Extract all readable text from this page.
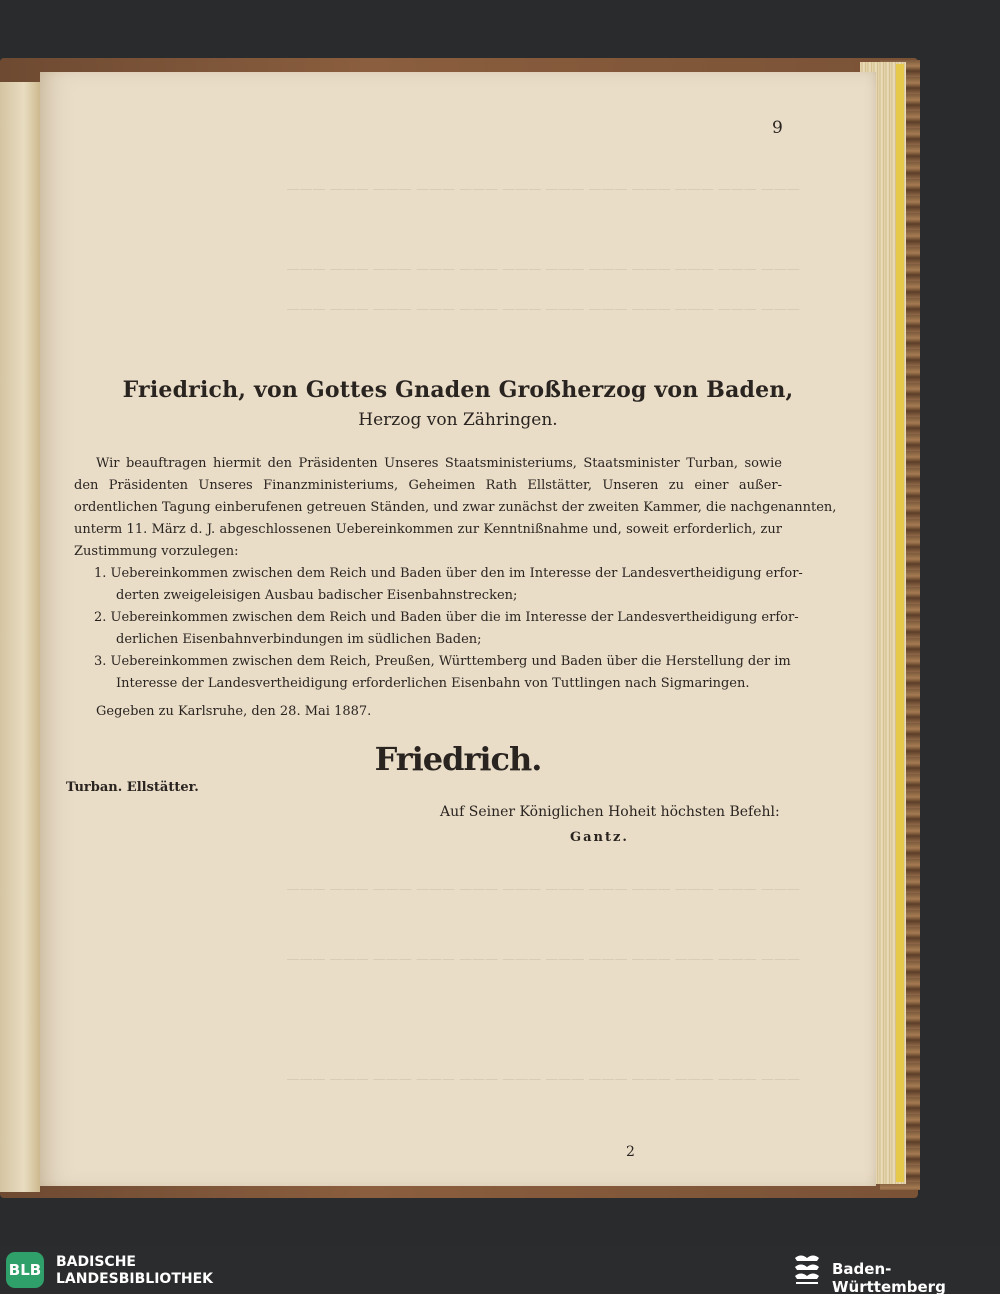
——— ——— ——— ——— ——— ——— ——— ——— ——— ——— ——— ———
——— ——— ——— ——— ——— ——— ——— ——— ——— ——— ——— ———
——— ——— ——— ——— ——— ——— ——— ——— ——— ——— ——— ———
——— ——— ——— ——— ——— ——— ——— ——— ——— ——— ——— ———
——— ——— ——— ——— ——— ——— ——— ——— ——— ——— ——— ———
——— ——— ——— ——— ——— ——— ——— ——— ——— ——— ——— ———
9
Friedrich, von Gottes Gnaden Großherzog von Baden,
Herzog von Zähringen.
Wir beauftragen hiermit den Präsidenten Unseres Staatsministeriums, Staatsminister Turban, sowie
den Präsidenten Unseres Finanzministeriums, Geheimen Rath Ellstätter, Unseren zu einer außer-
ordentlichen Tagung einberufenen getreuen Ständen, und zwar zunächst der zweiten Kammer, die nachgenannten,
unterm 11. März d. J. abgeschlossenen Uebereinkommen zur Kenntnißnahme und, soweit erforderlich, zur
Zustimmung vorzulegen:
1. Uebereinkommen zwischen dem Reich und Baden über den im Interesse der Landesvertheidigung erfor-
derten zweigeleisigen Ausbau badischer Eisenbahnstrecken;
2. Uebereinkommen zwischen dem Reich und Baden über die im Interesse der Landesvertheidigung erfor-
derlichen Eisenbahnverbindungen im südlichen Baden;
3. Uebereinkommen zwischen dem Reich, Preußen, Württemberg und Baden über die Herstellung der im
Interesse der Landesvertheidigung erforderlichen Eisenbahn von Tuttlingen nach Sigmaringen.
Gegeben zu Karlsruhe, den 28. Mai 1887.
Friedrich.
Turban. Ellstätter.
Auf Seiner Königlichen Hoheit höchsten Befehl:
Gantz.
2
BLB BADISCHE
LANDESBIBLIOTHEK
Baden-Württemberg
